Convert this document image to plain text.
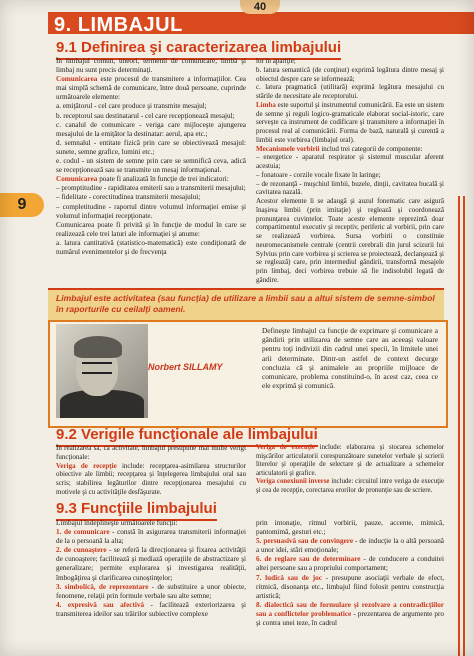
40
9. LIMBAJUL
9
9.1 Definirea şi caracterizarea limbajului

În limbajul comun, uneori, termenii de comunicare, limbă şi limbaj nu sunt precis determinaţi.

Comunicarea este procesul de transmitere a informaţiilor. Cea mai simplă schemă de comunicare, între două persoane, cuprinde următoarele elemente:

a. emiţătorul - cel care produce şi transmite mesajul;

b. receptorul sau destinatarul - cel care recepţionează mesajul;

c. canalul de comunicare - veriga care mijloceşte ajungerea mesajului de la emiţător la destinatar: aerul, apa etc.;

d. semnalul - entitate fizică prin care se obiectivează mesajul: sunete, semne grafice, lumini etc.;

e. codul - un sistem de semne prin care se semnifică ceva, adică se recepţionează sau se transmite un mesaj informaţional.

Comunicarea poate fi analizată în funcţie de trei indicatori:

– promptitudine - rapiditatea emiterii sau a transmiterii mesajului;

– fidelitate - corectitudinea transmiterii mesajului;

– completitudine - raportul dintre volumul informaţiei emise şi volumul informaţiei recepţionate.

Comunicarea poate fi privită şi în funcţie de modul în care se realizează cele trei laturi ale informaţiei şi anume:

a. latura cantitativă (statistico-matematică) este condiţionată de numărul evenimentelor şi de frecvenţa

lor în apariţie;

b. latura semantică (de conţinut) exprimă legătura dintre mesaj şi obiectul despre care se informează;

c. latura pragmatică (utilitară) exprimă legătura mesajului cu stările de necesitate ale receptorului.

Limba este suportul şi instrumentul comunicării. Ea este un sistem de semne şi reguli logico-gramaticale elaborat social-istoric, care serveşte ca instrument de codificare şi transmitere a informaţiei în procesul real al comunicării. Forma de bază, naturală şi curentă a limbii este vorbirea (limbajul oral).

Mecanismele vorbirii includ trei categorii de componente:

– energetice - aparatul respirator şi sistemul muscular aferent acestuia;

– fonatoare - corzile vocale fixate în laringe;

– de rezonanţă - muşchiul limbii, buzele, dinţii, cavitatea bucală şi cavitatea nazală.

Acestor elemente li se adaugă şi auzul fonematic care asigură înaşirea limbii (prin imitaţie) şi reglează şi coordonează pronunţarea cuvintelor. Toate aceste elemente reprezintă doar compartimentul executiv şi receptiv, periferic al vorbirii, prin care se realizează vorbirea. Sursa vorbirii o constituie neuromecanismele centrale (centrii cerebrali din jurul scizurii lui Sylvius prin care vorbirea şi scrierea se proiectează, declanşează şi se reglează) care, prin intermediul gândirii, transformă mesajele prin limbaj, deci vorbirea trebuie să fie indisolubil legată de gândire.

Limbajul este activitatea (sau funcţia) de utilizare a limbii sau a altui sistem de semne-simbol în raporturile cu ceilalţi oameni.
Norbert SILLAMY
Defineşte limbajul ca funcţie de exprimare şi comunicare a gândirii prin utilizarea de semne care au aceeaşi valoare pentru toţi indivizii din cadrul unei specii, în limitele unei arii determinate. Dintr-un astfel de context decurge concluzia că şi animalele au propriile mijloace de comunicare, problema constituind-o, în acest caz, ceea ce ele exprimă şi comunică.
9.2 Verigile funcţionale ale limbajului

În realizarea sa, ca activitate, limbajul presupune mai multe verigi funcţionale:

Veriga de recepţie include: recepţarea-asimilarea structurilor obiective ale limbii; recepţarea şi înţelegerea limbajului oral sau scris; stabilirea legăturilor dintre recepţionarea mesajului cu motivele şi cu activităţile desfăşurate.

Veriga de execuţie include: elaborarea şi stocarea schemelor mişcărilor articulatorii corespunzătoare sunetelor verbale şi scrierii literelor şi operaţiile de selectare şi de actualizare a schemelor articulatorii şi grafice.

Veriga conexiunii inverse include: circuitul intre veriga de execuţie şi cea de recepţie, corectarea erorilor de pronunţie sau de scriere.

9.3 Funcţiile limbajului

Limbajul îndeplineşte următoarele funcţii:

1. de comunicare - constă în asigurarea transmiterii informaţiei de la o persoană la alta;

2. de cunoaştere - se referă la direcţionarea şi fixarea activităţii de cunoaştere; facilitează şi mediază operaţiile de abstractizare şi generalizare; permite explorarea şi investigarea realităţii, îmbogăţirea şi clarificarea cunoştinţelor;

3. simbolică, de reprezentare - de substituire a unor obiecte, fenomene, relaţii prin formule verbale sau alte semne;

4. expresivă sau afectivă - facilitează exteriorizarea şi transmiterea ideilor sau trăirilor subiective complexe

prin intonaţie, ritmul vorbirii, pauze, accente, mimică, pantomimă, gesturi etc.;

5. persuasivă sau de convingere - de inducţie la o altă persoană a unor idei, stări emoţionale;

6. de reglare sau de determinare - de conducere a conduitei altei persoane sau a propriului comportament;

7. ludică sau de joc - presupune asociaţii verbale de efect, ritmică, disonanţa etc., limbajul fiind folosit pentru construcţia artistică;

8. dialectică sau de formulare şi rezolvare a contradicţiilor sau a conflictelor problematice - prezentarea de argumente pro şi contra unei teze, în cadrul
